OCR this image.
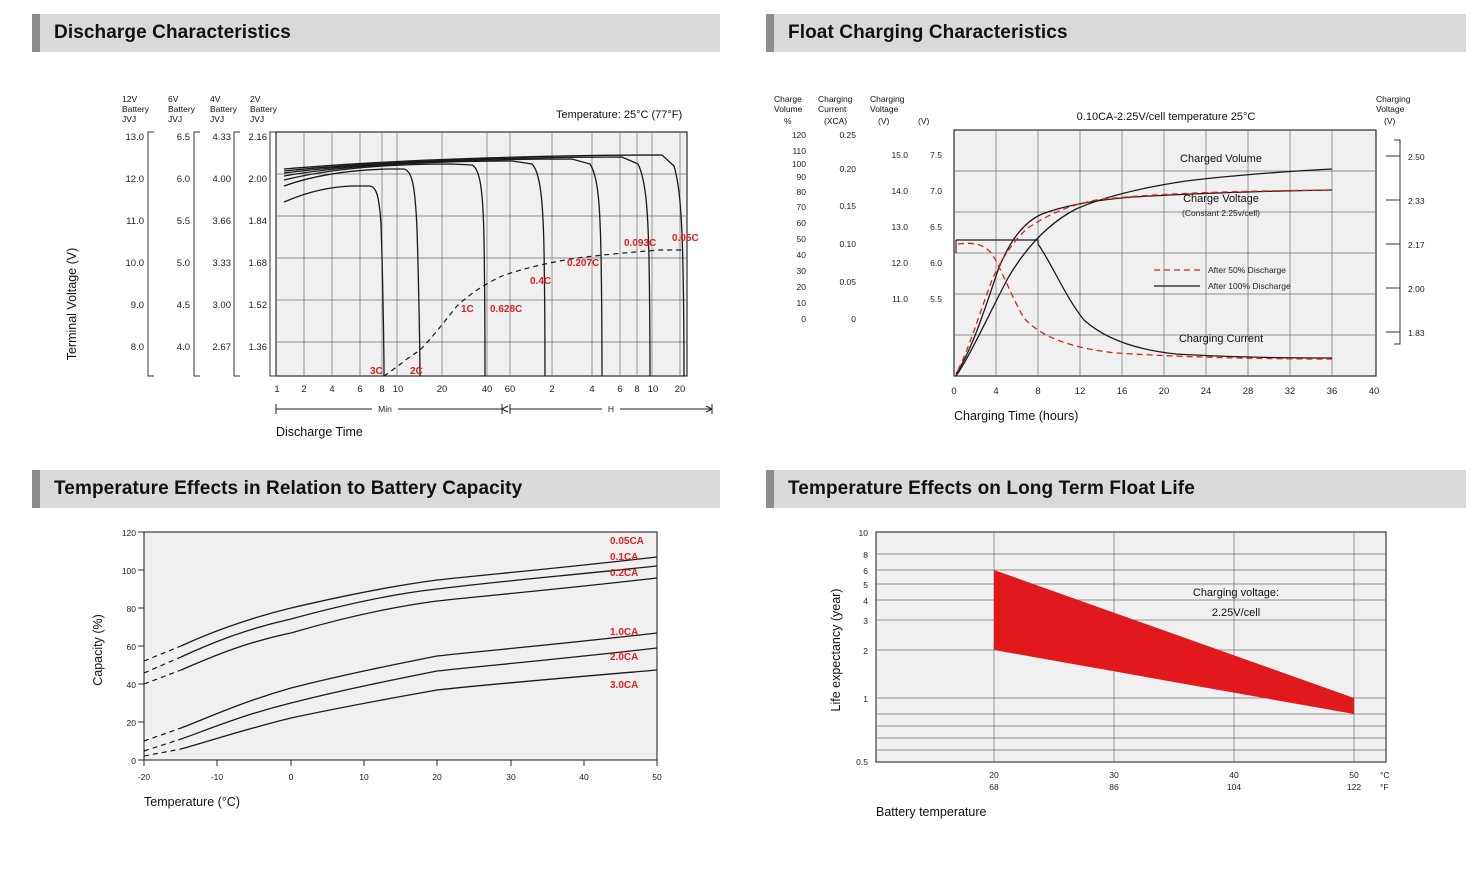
Discharge Characteristics
12V
Battery
JVJ
6V
Battery
JVJ
4V
Battery
JVJ
2V
Battery
JVJ
Terminal Voltage (V)
13.0
12.0
11.0
10.0
9.0
8.0
6.5
6.0
5.5
5.0
4.5
4.0
4.33
4.00
3.66
3.33
3.00
2.67
2.16
2.00
1.84
1.68
1.52
1.36
3C	2C
1C 0.628C
0.4C
0.207C
0.093C 0.05C
Temperature: 25°C (77°F)
1 2 4 6 8 10	20	40 60	2	4 6 8 10 20
Min	H
Discharge Time
Float Charging Characteristics
Charge
Volume
%
Charging
Current
(XCA)
Charging
Voltage
(V)	(V)
Charging
Voltage
(V)
120
110
100
90
80
70
60
50
40
30
20
10
0
0.25
0.20
0.15
0.10
0.05
0
15.0
14.0
13.0
12.0
11.0
7.5
7.0
6.5
6.0
5.5
0.10CA-2.25V/cell temperature 25°C
Charged Volume
Charge Voltage
(Constant 2.25v/cell)
Charging Current
After 50% Discharge
After 100% Discharge
2.50
2.33
2.17
2.00
1.83
0	4	8	12	16	20	24	28	32	36	40
Charging Time (hours)
Temperature Effects in Relation to Battery Capacity
120
100
80
60
40
20
0
-20	-10	0	10	20	30	40	50
0.05CA
0.1CA
0.2CA
1.0CA
2.0CA
3.0CA
Capacity (%)
Temperature (°C)
Temperature Effects on Long Term Float Life
10
8
6
5
4
3
2
1
0.5
Charging voltage:
2.25V/cell
20	30	40	50
68	86	104	122
°C
°F
Life expectancy (year)
Battery temperature
